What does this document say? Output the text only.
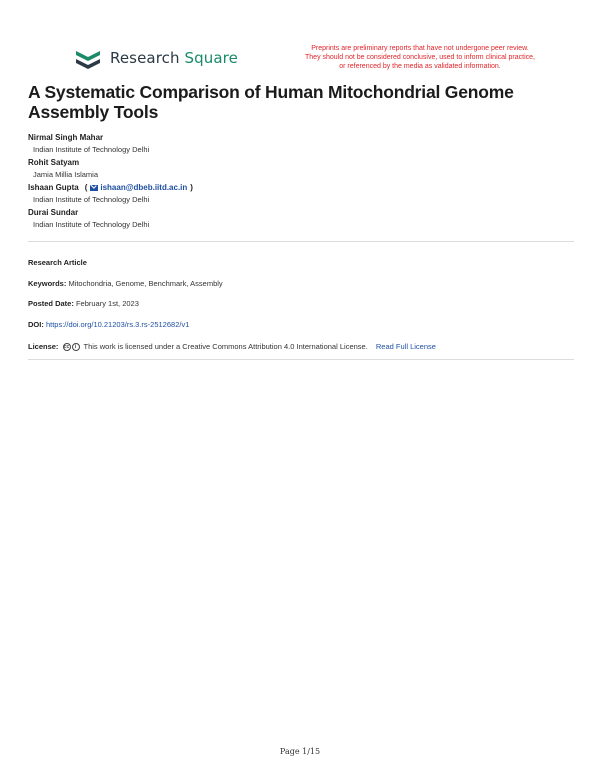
Research Square
Preprints are preliminary reports that have not undergone peer review.
They should not be considered conclusive, used to inform clinical practice,
or referenced by the media as validated information.
A Systematic Comparison of Human Mitochondrial Genome Assembly Tools
Nirmal Singh Mahar
Indian Institute of Technology Delhi
Rohit Satyam
Jamia Millia Islamia
Ishaan Gupta ( ishaan@dbeb.iitd.ac.in )
Indian Institute of Technology Delhi
Durai Sundar
Indian Institute of Technology Delhi
Research Article
Keywords: Mitochondria, Genome, Benchmark, Assembly
Posted Date: February 1st, 2023
DOI: https://doi.org/10.21203/rs.3.rs-2512682/v1
License: cc	i This work is licensed under a Creative Commons Attribution 4.0 International License. Read Full License
Page 1/15
